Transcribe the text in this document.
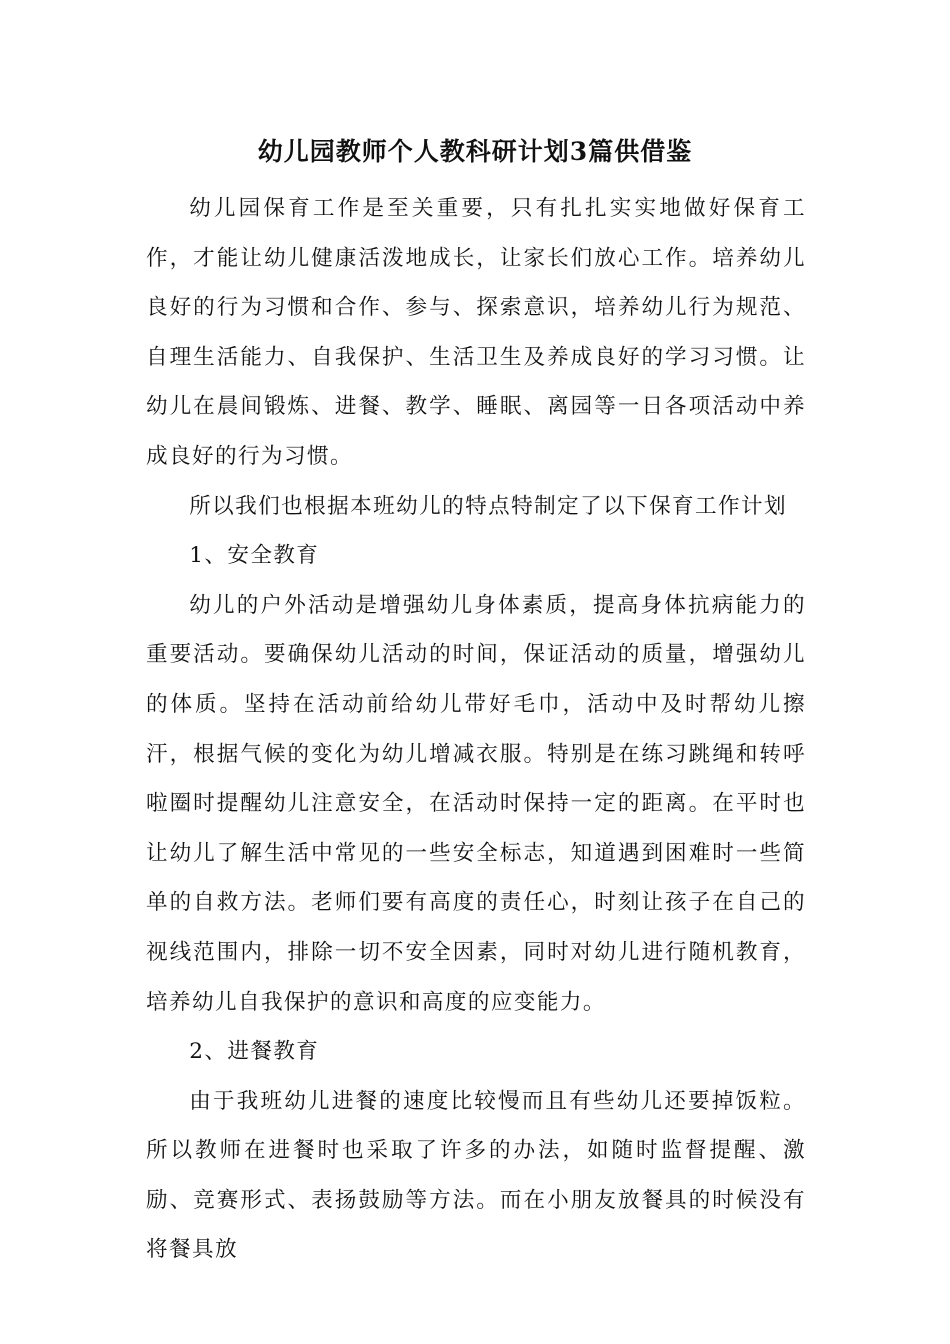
幼儿园教师个人教科研计划3篇供借鉴

幼儿园保育工作是至关重要，只有扎扎实实地做好保育工作，才能让幼儿健康活泼地成长，让家长们放心工作。培养幼儿良好的行为习惯和合作、参与、探索意识，培养幼儿行为规范、自理生活能力、自我保护、生活卫生及养成良好的学习习惯。让幼儿在晨间锻炼、进餐、教学、睡眠、离园等一日各项活动中养成良好的行为习惯。

所以我们也根据本班幼儿的特点特制定了以下保育工作计划

1、安全教育

幼儿的户外活动是增强幼儿身体素质，提高身体抗病能力的重要活动。要确保幼儿活动的时间，保证活动的质量，增强幼儿的体质。坚持在活动前给幼儿带好毛巾，活动中及时帮幼儿擦汗，根据气候的变化为幼儿增减衣服。特别是在练习跳绳和转呼啦圈时提醒幼儿注意安全，在活动时保持一定的距离。在平时也让幼儿了解生活中常见的一些安全标志，知道遇到困难时一些简单的自救方法。老师们要有高度的责任心，时刻让孩子在自己的视线范围内，排除一切不安全因素，同时对幼儿进行随机教育，培养幼儿自我保护的意识和高度的应变能力。

2、进餐教育

由于我班幼儿进餐的速度比较慢而且有些幼儿还要掉饭粒。所以教师在进餐时也采取了许多的办法，如随时监督提醒、激励、竞赛形式、表扬鼓励等方法。而在小朋友放餐具的时候没有将餐具放
